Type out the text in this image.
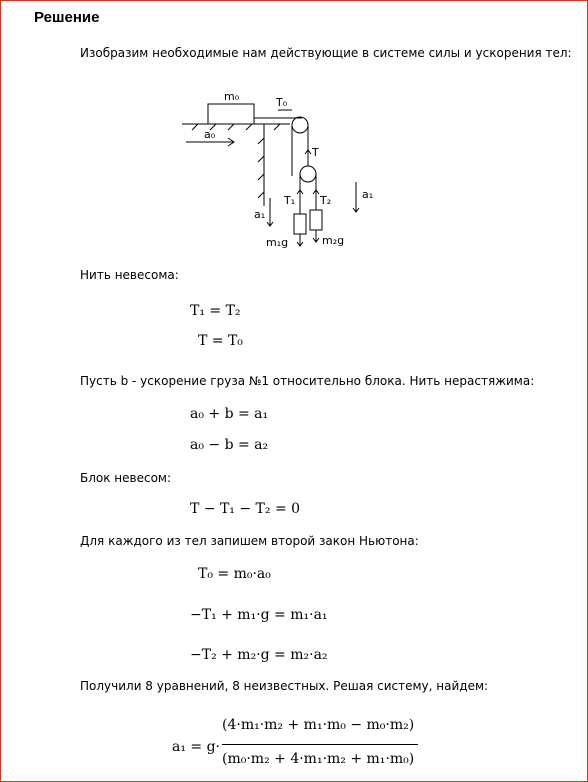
Решение
Изобразим необходимые нам действующие в системе силы и ускорения тел:
m₀	T₀
a₀
T
a₁
a₁
T₁ T₂
m₁g	m₂g
Нить невесома:
T₁ = T₂
T = T₀
Пусть b - ускорение груза №1 относительно блока. Нить нерастяжима:
a₀ + b = a₁
a₀ − b = a₂
Блок невесом:
T − T₁ − T₂ = 0
Для каждого из тел запишем второй закон Ньютона:
T₀ = m₀·a₀
−T₁ + m₁·g = m₁·a₁
−T₂ + m₂·g = m₂·a₂
Получили 8 уравнений, 8 неизвестных. Решая систему, найдем:
a₁ = g·
(4·m₁·m₂ + m₁·m₀ − m₀·m₂)
(m₀·m₂ + 4·m₁·m₂ + m₁·m₀)
